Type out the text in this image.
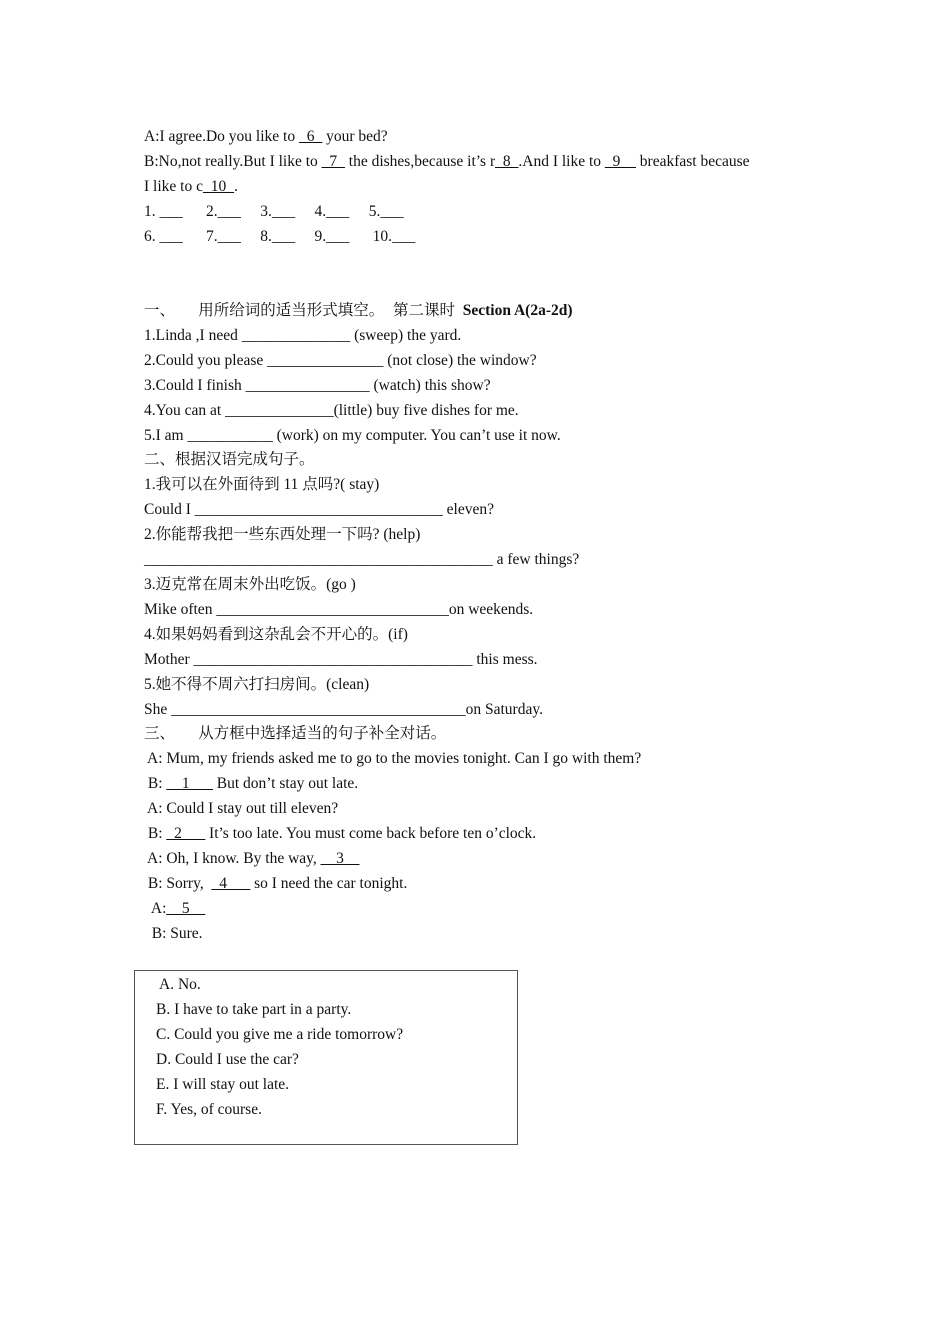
A:I agree.Do you like to _6_ your bed?
B:No,not really.But I like to _7_ the dishes,because it’s r_8_.And I like to _9__ breakfast because
I like to c_10_.
1. ___      2.___     3.___     4.___     5.___
6. ___      7.___     8.___     9.___      10.___

第二课时 Section A(2a-2d)

一、      用所给词的适当形式填空。
1.Linda ,I need ______________ (sweep) the yard.
2.Could you please _______________ (not close) the window?
3.Could I finish ________________ (watch) this show?
4.You can at ______________(little) buy five dishes for me.
5.I am ___________ (work) on my computer. You can’t use it now.
二、根据汉语完成句子。
1.我可以在外面待到 11 点吗?( stay)
Could I ________________________________ eleven?
2.你能帮我把一些东西处理一下吗? (help)
_____________________________________________ a few things?
3.迈克常在周末外出吃饭。(go )
Mike often ______________________________on weekends.
4.如果妈妈看到这杂乱会不开心的。(if)
Mother ____________________________________ this mess.
5.她不得不周六打扫房间。(clean)
She ______________________________________on Saturday.
三、      从方框中选择适当的句子补全对话。
A: Mum, my friends asked me to go to the movies tonight. Can I go with them?
B: __1___ But don’t stay out late.
A: Could I stay out till eleven?
B: _2___ It’s too late. You must come back before ten o’clock.
A: Oh, I know. By the way, __3__
B: Sorry,  _4___ so I need the car tonight.
A:__5__
B: Sure.
A. No.
B. I have to take part in a party.
C. Could you give me a ride tomorrow?
D. Could I use the car?
E. I will stay out late.
F. Yes, of course.
